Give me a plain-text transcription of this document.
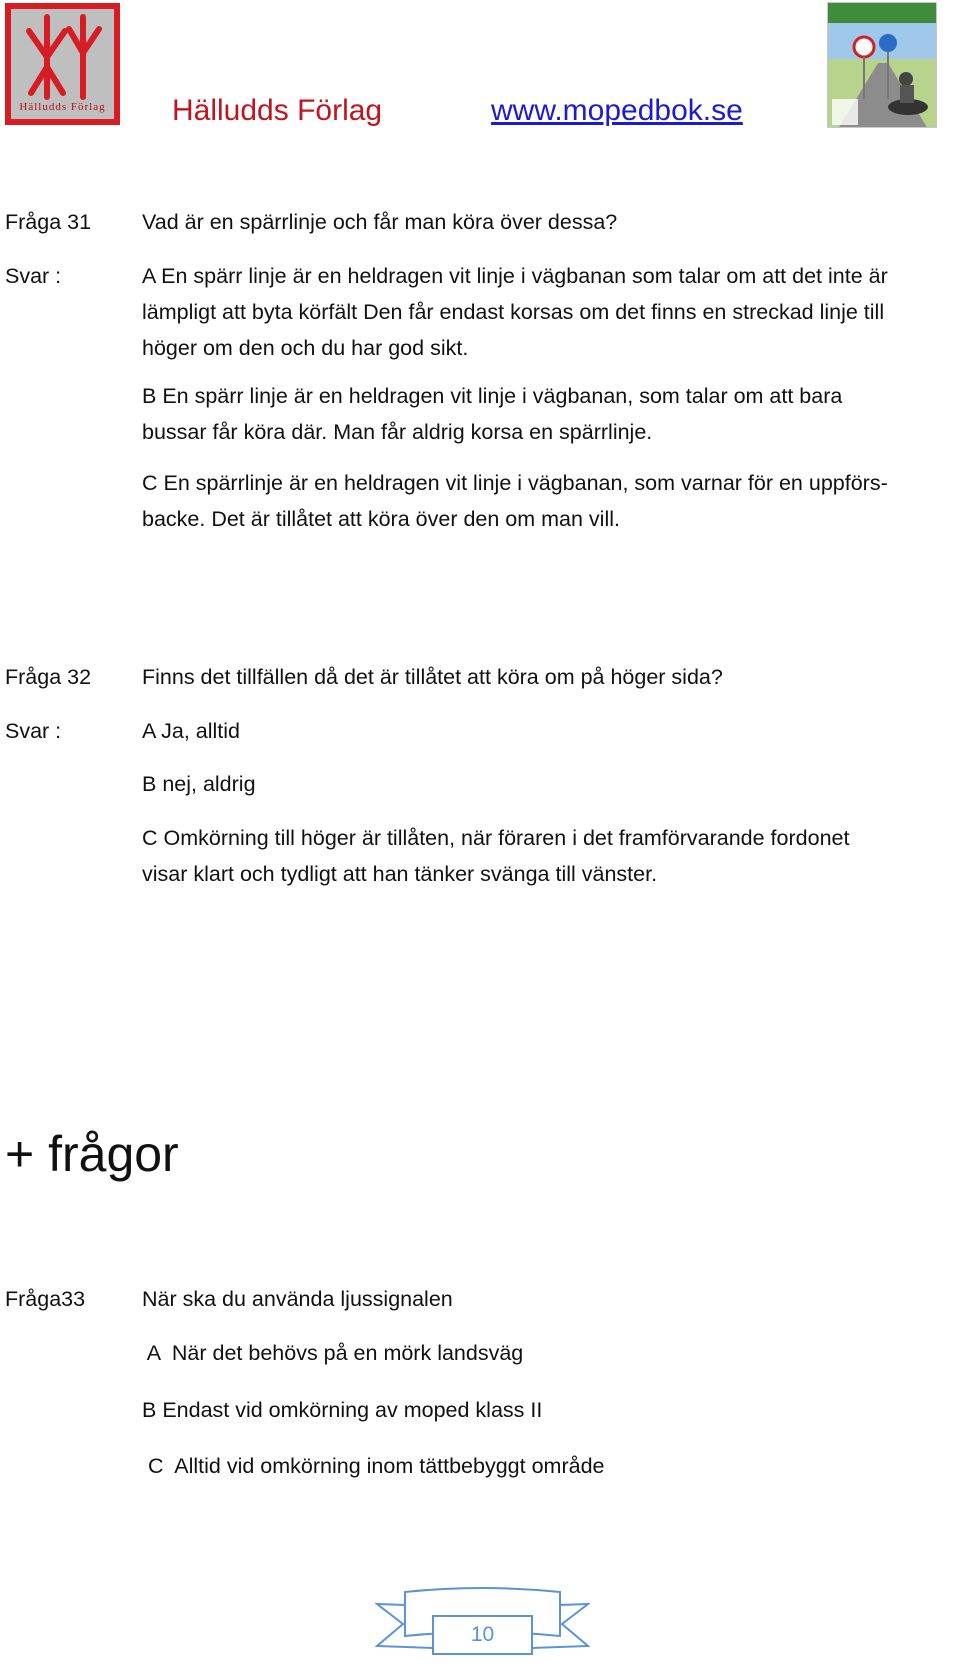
Hälludds Förlag Hälludds Förlag	www.mopedbok.se
Fråga 31 Vad är en spärrlinje och får man köra över dessa?
Svar :	A En spärr linje är en heldragen vit linje i vägbanan som talar om att det inte är
lämpligt att byta körfält Den får endast korsas om det finns en streckad linje till
höger om den och du har god sikt.
B En spärr linje är en heldragen vit linje i vägbanan, som talar om att bara
bussar får köra där. Man får aldrig korsa en spärrlinje.
C En spärrlinje är en heldragen vit linje i vägbanan, som varnar för en uppförs-
backe. Det är tillåtet att köra över den om man vill.
Fråga 32 Finns det tillfällen då det är tillåtet att köra om på höger sida?
Svar :	A Ja, alltid
B nej, aldrig
C Omkörning till höger är tillåten, när föraren i det framförvarande fordonet
visar klart och tydligt att han tänker svänga till vänster.
+ frågor
Fråga33	När ska du använda ljussignalen
A  När det behövs på en mörk landsväg
B Endast vid omkörning av moped klass II
C  Alltid vid omkörning inom tättbebyggt område
10
